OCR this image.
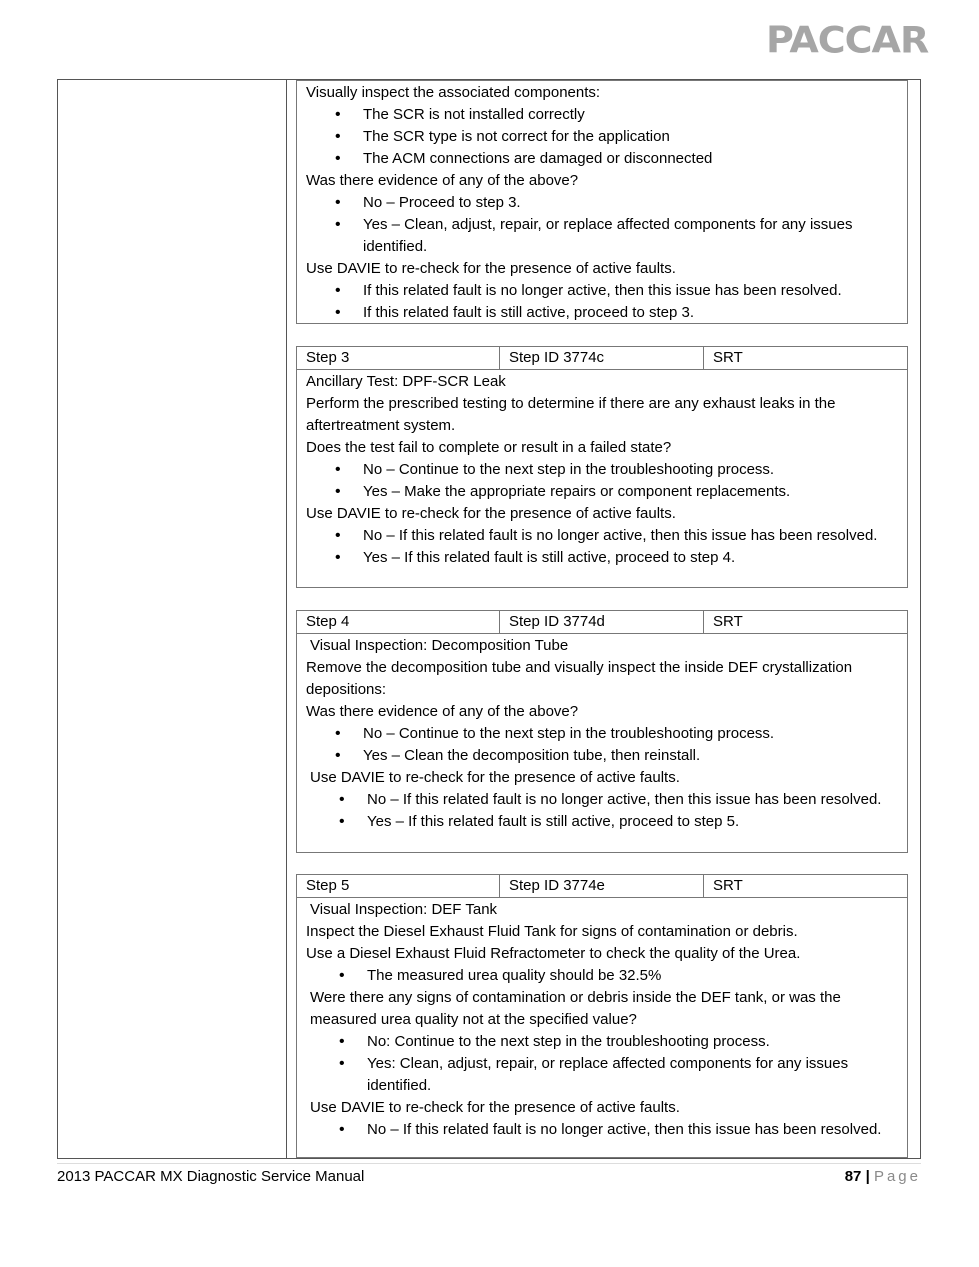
PACCAR

Visually inspect the associated components:

• The SCR is not installed correctly
• The SCR type is not correct for the application
• The ACM connections are damaged or disconnected

Was there evidence of any of the above?

• No – Proceed to step 3.
• Yes – Clean, adjust, repair, or replace affected components for any issues identified.

Use DAVIE to re-check for the presence of active faults.

• If this related fault is no longer active, then this issue has been resolved.
• If this related fault is still active, proceed to step 3.
Step 3	Step ID 3774c	SRT

Ancillary Test: DPF-SCR Leak

Perform the prescribed testing to determine if there are any exhaust leaks in the aftertreatment system.

Does the test fail to complete or result in a failed state?

• No – Continue to the next step in the troubleshooting process.
• Yes – Make the appropriate repairs or component replacements.

Use DAVIE to re-check for the presence of active faults.

• No – If this related fault is no longer active, then this issue has been resolved.
• Yes – If this related fault is still active, proceed to step 4.
Step 4	Step ID 3774d	SRT

Visual Inspection: Decomposition Tube

Remove the decomposition tube and visually inspect the inside DEF crystallization depositions:

Was there evidence of any of the above?

• No – Continue to the next step in the troubleshooting process.
• Yes – Clean the decomposition tube, then reinstall.

Use DAVIE to re-check for the presence of active faults.

• No – If this related fault is no longer active, then this issue has been resolved.
• Yes – If this related fault is still active, proceed to step 5.
Step 5	Step ID 3774e	SRT

Visual Inspection: DEF Tank

Inspect the Diesel Exhaust Fluid Tank for signs of contamination or debris.

Use a Diesel Exhaust Fluid Refractometer to check the quality of the Urea.

• The measured urea quality should be 32.5%

Were there any signs of contamination or debris inside the DEF tank, or was the measured urea quality not at the specified value?

• No: Continue to the next step in the troubleshooting process.
• Yes: Clean, adjust, repair, or replace affected components for any issues identified.

Use DAVIE to re-check for the presence of active faults.

• No – If this related fault is no longer active, then this issue has been resolved.
2013 PACCAR MX Diagnostic Service Manual	87 | Page
